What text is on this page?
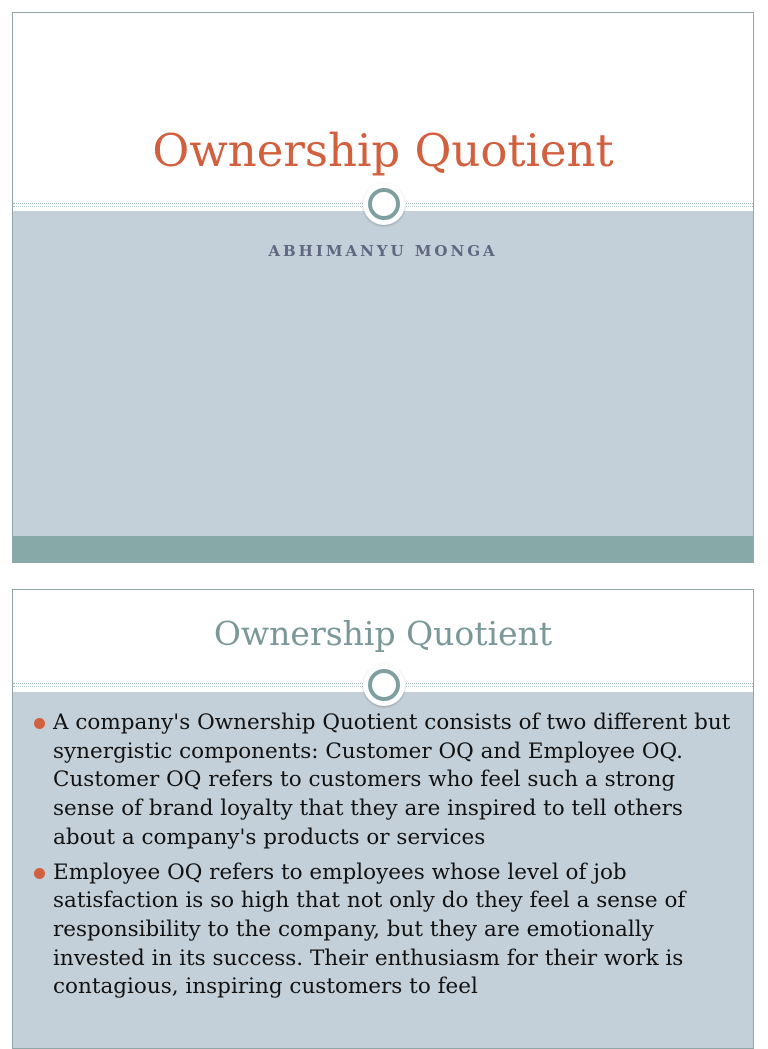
Ownership Quotient
ABHIMANYU MONGA
Ownership Quotient
A company's Ownership Quotient consists of two different but synergistic components: Customer OQ and Employee OQ. Customer OQ refers to customers who feel such a strong sense of brand loyalty that they are inspired to tell others about a company's products or services
Employee OQ refers to employees whose level of job satisfaction is so high that not only do they feel a sense of responsibility to the company, but they are emotionally invested in its success. Their enthusiasm for their work is contagious, inspiring customers to feel
